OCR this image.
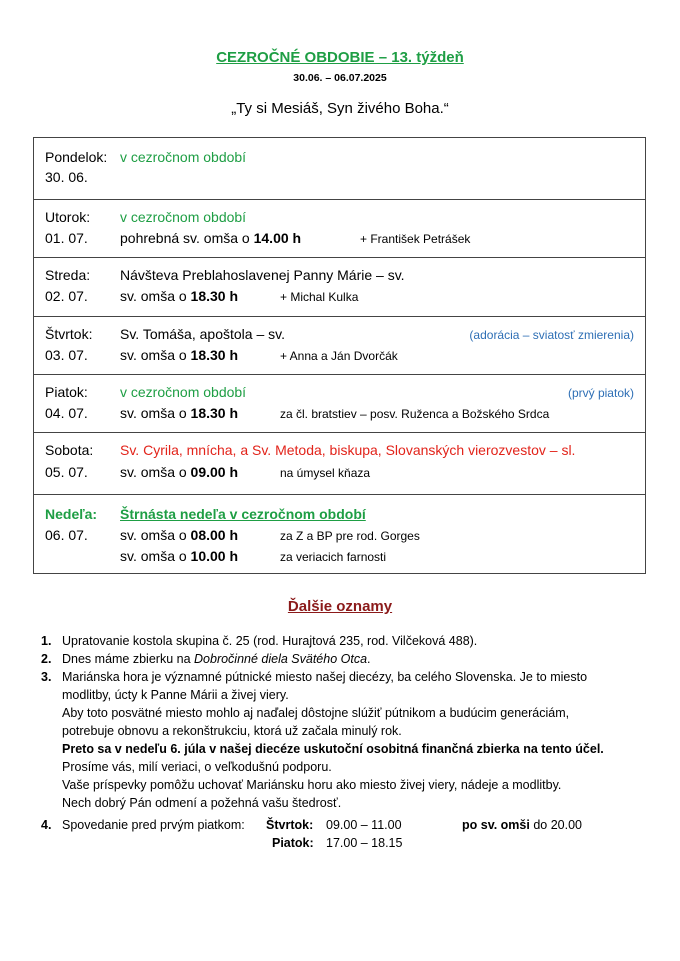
CEZROČNÉ OBDOBIE – 13. týždeň
30.06. – 06.07.2025
„Ty si Mesiáš, Syn živého Boha.“
Pondelok: v cezročnom období
30. 06.
Utorok: v cezročnom období
01. 07. pohrebná sv. omša o 14.00 h	+ František Petrášek
Streda: Návšteva Preblahoslavenej Panny Márie – sv.
02. 07. sv. omša o 18.30 h	+ Michal Kulka
Štvrtok: Sv. Tomáša, apoštola – sv.	(adorácia – sviatosť zmierenia)
03. 07. sv. omša o 18.30 h	+ Anna a Ján Dvorčák
Piatok: v cezročnom období	(prvý piatok)
04. 07. sv. omša o 18.30 h	za čl. bratstiev – posv. Ruženca a Božského Srdca
Sobota: Sv. Cyrila, mnícha, a Sv. Metoda, biskupa, Slovanských vierozvestov – sl.
05. 07. sv. omša o 09.00 h	na úmysel kňaza
Nedeľa: Štrnásta nedeľa v cezročnom období
06. 07. sv. omša o 08.00 h	za Z a BP pre rod. Gorges
sv. omša o 10.00 h	za veriacich farnosti
Ďalšie oznamy
1. Upratovanie kostola skupina č. 25 (rod. Hurajtová 235, rod. Vilčeková 488).
2. Dnes máme zbierku na Dobročinné diela Svätého Otca.
3. Mariánska hora je významné pútnické miesto našej diecézy, ba celého Slovenska. Je to miesto
modlitby, úcty k Panne Márii a živej viery.
Aby toto posvätné miesto mohlo aj naďalej dôstojne slúžiť pútnikom a budúcim generáciám,
potrebuje obnovu a rekonštrukciu, ktorá už začala minulý rok.
Preto sa v nedeľu 6. júla v našej diecéze uskutoční osobitná finančná zbierka na tento účel.
Prosíme vás, milí veriaci, o veľkodušnú podporu.
Vaše príspevky pomôžu uchovať Mariánsku horu ako miesto živej viery, nádeje a modlitby.
Nech dobrý Pán odmení a požehná vašu štedrosť.
4. Spovedanie pred prvým piatkom: Štvrtok: 09.00 – 11.00	po sv. omši do 20.00
Piatok: 17.00 – 18.15
